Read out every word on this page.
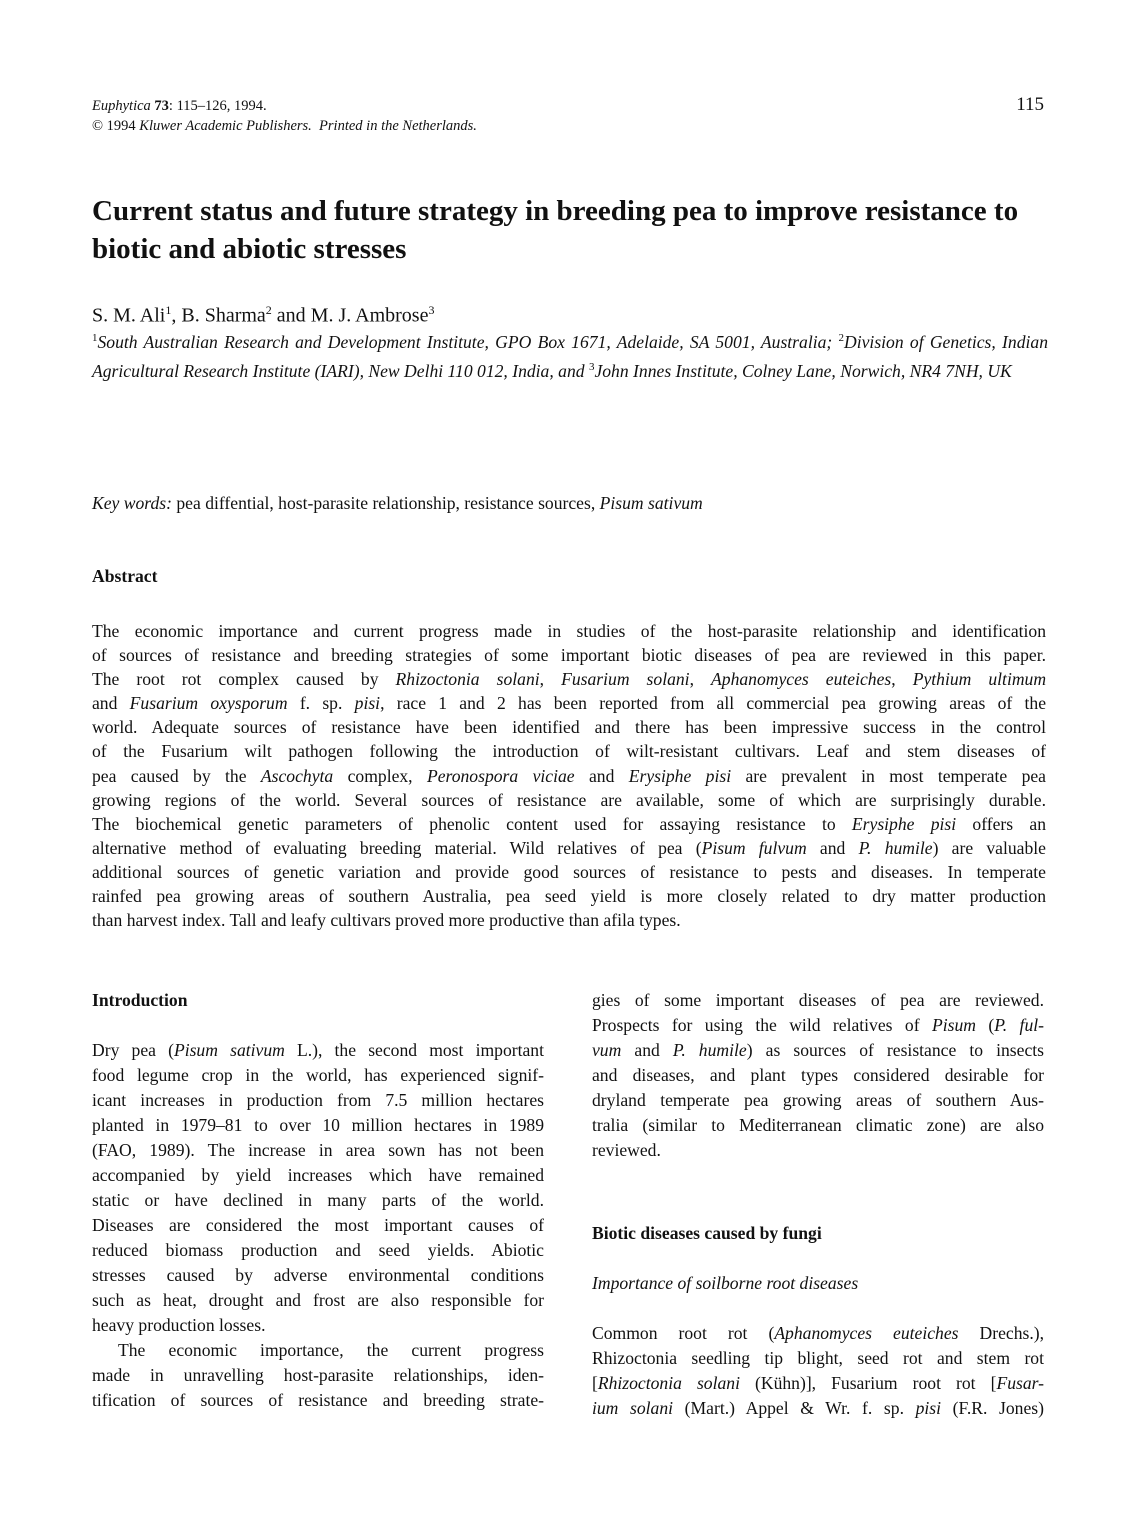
Euphytica 73: 115–126, 1994.
© 1994 Kluwer Academic Publishers. Printed in the Netherlands.
115
Current status and future strategy in breeding pea to improve resistance to biotic and abiotic stresses
S. M. Ali$^1$, B. Sharma$^2$ and M. J. Ambrose$^3$
$^1$South Australian Research and Development Institute, GPO Box 1671, Adelaide, SA 5001, Australia; $^2$Division of Genetics, Indian Agricultural Research Institute (IARI), New Delhi 110 012, India, and $^3$John Innes Institute, Colney Lane, Norwich, NR4 7NH, UK
Key words: pea diffential, host-parasite relationship, resistance sources, Pisum sativum
Abstract
The economic importance and current progress made in studies of the host-parasite relationship and identification
of sources of resistance and breeding strategies of some important biotic diseases of pea are reviewed in this paper.
The root rot complex caused by Rhizoctonia solani, Fusarium solani, Aphanomyces euteiches, Pythium ultimum
and Fusarium oxysporum f. sp. pisi, race 1 and 2 has been reported from all commercial pea growing areas of the
world. Adequate sources of resistance have been identified and there has been impressive success in the control
of the Fusarium wilt pathogen following the introduction of wilt-resistant cultivars. Leaf and stem diseases of
pea caused by the Ascochyta complex, Peronospora viciae and Erysiphe pisi are prevalent in most temperate pea
growing regions of the world. Several sources of resistance are available, some of which are surprisingly durable.
The biochemical genetic parameters of phenolic content used for assaying resistance to Erysiphe pisi offers an
alternative method of evaluating breeding material. Wild relatives of pea (Pisum fulvum and P. humile) are valuable
additional sources of genetic variation and provide good sources of resistance to pests and diseases. In temperate
rainfed pea growing areas of southern Australia, pea seed yield is more closely related to dry matter production
than harvest index. Tall and leafy cultivars proved more productive than afila types.
Introduction
Dry pea (Pisum sativum L.), the second most important
food legume crop in the world, has experienced signif-
icant increases in production from 7.5 million hectares
planted in 1979–81 to over 10 million hectares in 1989
(FAO, 1989). The increase in area sown has not been
accompanied by yield increases which have remained
static or have declined in many parts of the world.
Diseases are considered the most important causes of
reduced biomass production and seed yields. Abiotic
stresses caused by adverse environmental conditions
such as heat, drought and frost are also responsible for
heavy production losses.
The economic importance, the current progress
made in unravelling host-parasite relationships, iden-
tification of sources of resistance and breeding strate-
gies of some important diseases of pea are reviewed.
Prospects for using the wild relatives of Pisum (P. ful-
vum and P. humile) as sources of resistance to insects
and diseases, and plant types considered desirable for
dryland temperate pea growing areas of southern Aus-
tralia (similar to Mediterranean climatic zone) are also
reviewed.
Biotic diseases caused by fungi
Importance of soilborne root diseases
Common root rot (Aphanomyces euteiches Drechs.),
Rhizoctonia seedling tip blight, seed rot and stem rot
[Rhizoctonia solani (Kühn)], Fusarium root rot [Fusar-
ium solani (Mart.) Appel & Wr. f. sp. pisi (F.R. Jones)
